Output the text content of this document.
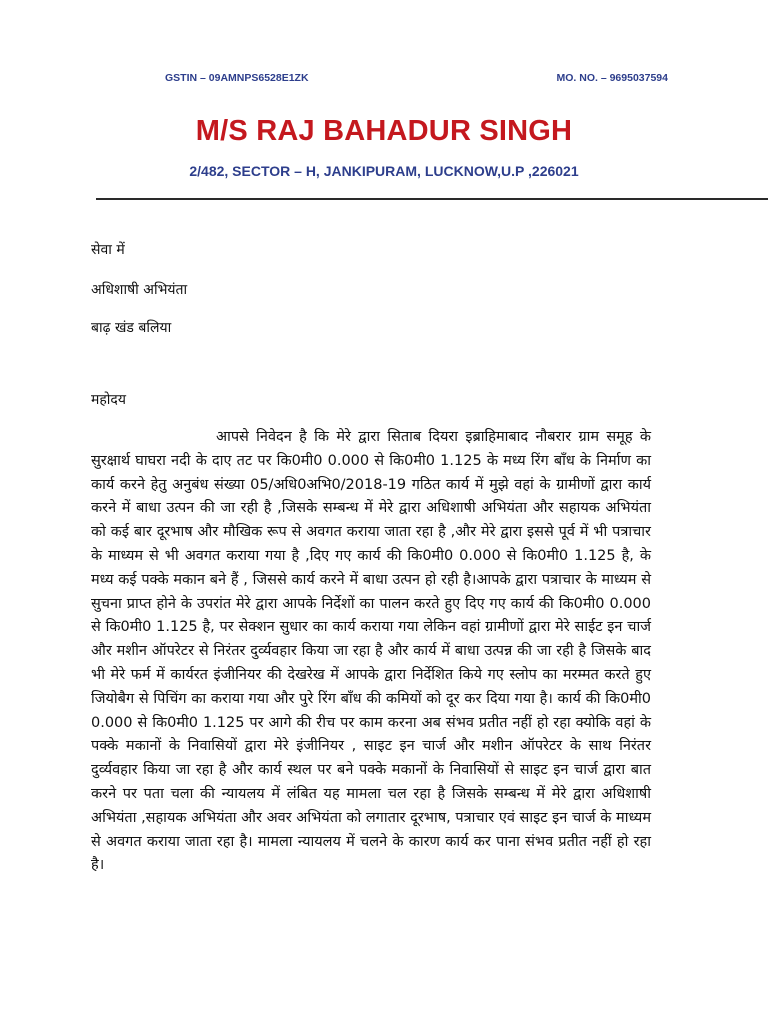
GSTIN – 09AMNPS6528E1ZK	MO. NO. – 9695037594
M/S RAJ BAHADUR SINGH
2/482, SECTOR – H, JANKIPURAM, LUCKNOW,U.P ,226021
सेवा में
अधिशाषी अभियंता
बाढ़ खंड बलिया
महोदय

आपसे निवेदन है कि मेरे द्वारा सिताब दियरा इब्राहिमाबाद नौबरार ग्राम समूह के सुरक्षार्थ घाघरा नदी के दाए तट पर कि0मी0 0.000 से कि0मी0 1.125 के मध्य रिंग बाँध के निर्माण का कार्य करने हेतु अनुबंध संख्या 05/अधि0अभि0/2018-19 गठित कार्य में मुझे वहां के ग्रामीणों द्वारा कार्य करने में बाधा उत्पन की जा रही है ,जिसके सम्बन्ध में मेरे द्वारा अधिशाषी अभियंता और सहायक अभियंता को कई बार दूरभाष और मौखिक रूप से अवगत कराया जाता रहा है ,और मेरे द्वारा इससे पूर्व में भी पत्राचार के माध्यम से भी अवगत कराया गया है ,दिए गए कार्य की कि0मी0 0.000 से कि0मी0 1.125 है, के मध्य कई पक्के मकान बने हैं , जिससे कार्य करने में बाधा उत्पन हो रही है।आपके द्वारा पत्राचार के माध्यम से सुचना प्राप्त होने के उपरांत मेरे द्वारा आपके निर्देशों का पालन करते हुए दिए गए कार्य की कि0मी0 0.000 से कि0मी0 1.125 है, पर सेक्शन सुधार का कार्य कराया गया लेकिन वहां ग्रामीणों द्वारा मेरे साईट इन चार्ज और मशीन ऑपरेटर से निरंतर दुर्व्यवहार किया जा रहा है और कार्य में बाधा उत्पन्न की जा रही है जिसके बाद भी मेरे फर्म में कार्यरत इंजीनियर की देखरेख में आपके द्वारा निर्देशित किये गए स्लोप का मरम्मत करते हुए जियोबैग से पिचिंग का कराया गया और पुरे रिंग बाँध की कमियों को दूर कर दिया गया है। कार्य की कि0मी0 0.000 से कि0मी0 1.125 पर आगे की रीच पर काम करना अब संभव प्रतीत नहीं हो रहा क्योकि वहां के पक्के मकानों के निवासियों द्वारा मेरे इंजीनियर , साइट इन चार्ज और मशीन ऑपरेटर के साथ निरंतर दुर्व्यवहार किया जा रहा है और कार्य स्थल पर बने पक्के मकानों के निवासियों से साइट इन चार्ज द्वारा बात करने पर पता चला की न्यायलय में लंबित यह मामला चल रहा है जिसके सम्बन्ध में मेरे द्वारा अधिशाषी अभियंता ,सहायक अभियंता और अवर अभियंता को लगातार दूरभाष, पत्राचार एवं साइट इन चार्ज के माध्यम से अवगत कराया जाता रहा है। मामला न्यायलय में चलने के कारण कार्य कर पाना संभव प्रतीत नहीं हो रहा है।
